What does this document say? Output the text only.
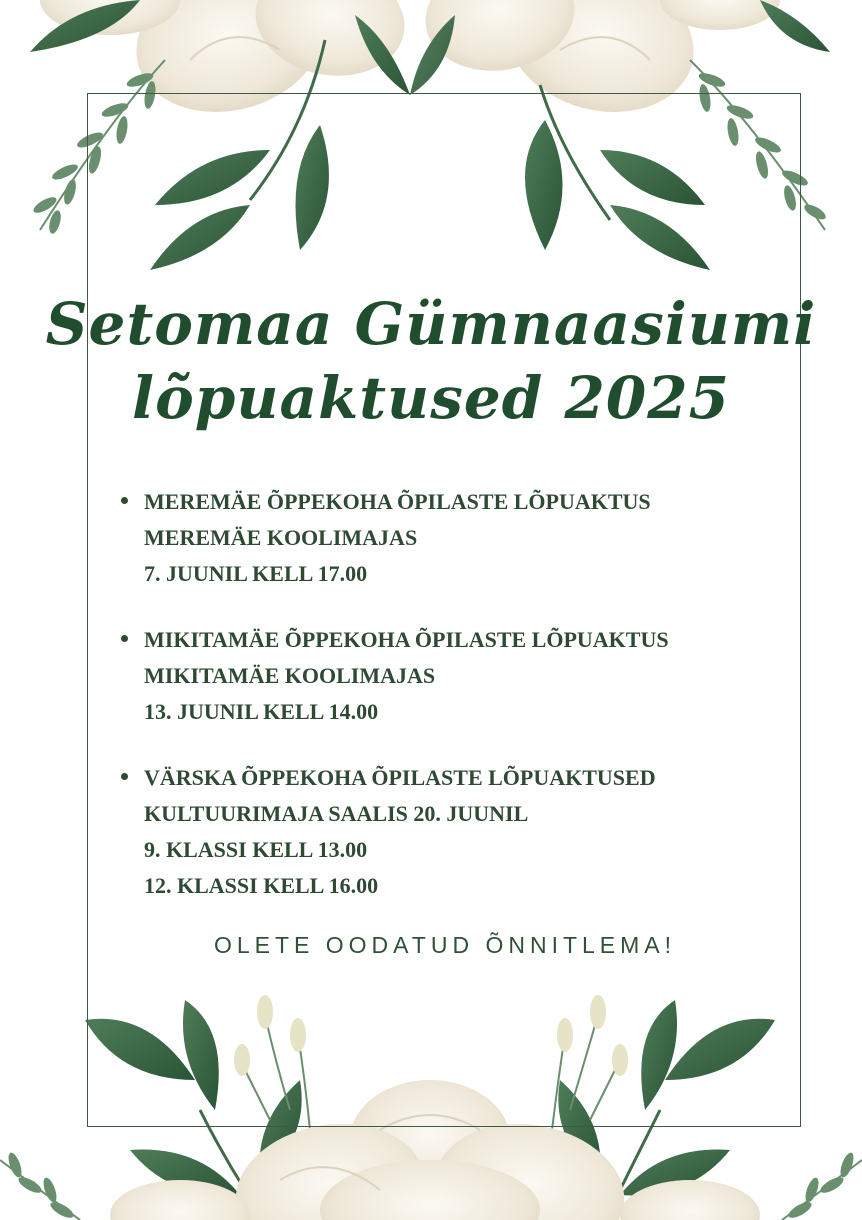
Setomaa Gümnaasiumi
lõpuaktused 2025
MEREMÄE ÕPPEKOHA ÕPILASTE LÕPUAKTUS
MEREMÄE KOOLIMAJAS
7. JUUNIL KELL 17.00
MIKITAMÄE ÕPPEKOHA ÕPILASTE LÕPUAKTUS
MIKITAMÄE KOOLIMAJAS
13. JUUNIL KELL 14.00
VÄRSKA ÕPPEKOHA ÕPILASTE LÕPUAKTUSED
KULTUURIMAJA SAALIS 20. JUUNIL
9. KLASSI KELL 13.00
12. KLASSI KELL 16.00
OLETE OODATUD ÕNNITLEMA!
